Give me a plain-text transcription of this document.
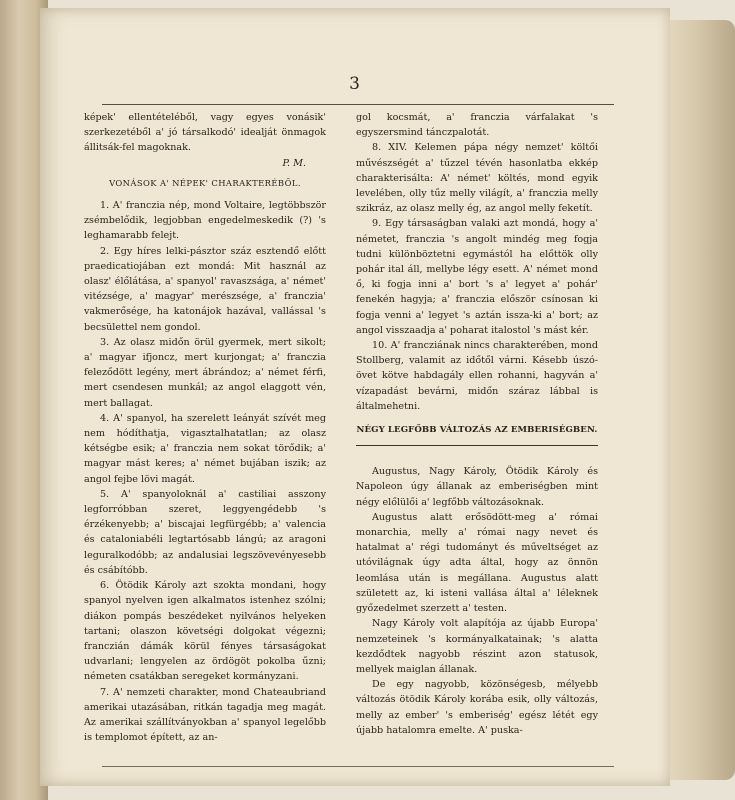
3

képek' ellentételéből, vagy egyes vonásik' szerkezetéből a' jó társalkodó' idealját önmagok állitsák-fel magoknak.

P. M.

VONÁSOK A' NÉPEK' CHARAKTERÉBŐL.

1. A' franczia nép, mond Voltaire, legtöbbször zsémbelődik, legjobban engedelmeskedik (?) 's leghamarabb felejt.

2. Egy híres lelki-pásztor száz esztendő előtt praedicatiojában ezt mondá: Mit használ az olasz' élőlátása, a' spanyol' ravaszsága, a' német' vitézsége, a' magyar' merészsége, a' franczia' vakmerősége, ha katonájok hazával, vallással 's becsülettel nem gondol.

3. Az olasz midőn örül gyermek, mert sikolt; a' magyar ifjoncz, mert kurjongat; a' franczia feleződött legény, mert ábrándoz; a' német férfi, mert csendesen munkál; az angol elaggott vén, mert ballagat.

4. A' spanyol, ha szerelett leányát szívét meg nem hódíthatja, vigasztalhatatlan; az olasz kétségbe esik; a' franczia nem sokat törődik; a' magyar mást keres; a' német bujában iszik; az angol fejbe lövi magát.

5. A' spanyoloknál a' castiliai asszony legforróbban szeret, leggyengédebb 's érzékenyebb; a' biscajai legfürgébb; a' valencia és cataloniabéli legtartósabb lángú; az aragoni leguralkodóbb; az andalusiai legszövevényesebb és csábítóbb.

6. Ötödik Károly azt szokta mondani, hogy spanyol nyelven igen alkalmatos istenhez szólni; diákon pompás beszédeket nyilvános helyeken tartani; olaszon követségi dolgokat végezni; franczián dámák körül fényes társaságokat udvarlani; lengyelen az ördögöt pokolba űzni; németen csatákban seregeket kormányzani.

7. A' nemzeti charakter, mond Chateaubriand amerikai utazásában, ritkán tagadja meg magát. Az amerikai szállítványokban a' spanyol legelőbb is templomot épített, az an-

gol kocsmát, a' franczia várfalakat 's egyszersmind tánczpalotát.

8. XIV. Kelemen pápa négy nemzet' költői művészségét a' tűzzel tévén hasonlatba ekkép charakterisálta: A' német' költés, mond egyik levelében, olly tűz melly világít, a' franczia melly szikráz, az olasz melly ég, az angol melly feketít.

9. Egy társaságban valaki azt mondá, hogy a' németet, franczia 's angolt mindég meg fogja tudni különböztetni egymástól ha előttök olly pohár ital áll, mellybe légy esett. A' német mond ő, ki fogja inni a' bort 's a' legyet a' pohár' fenekén hagyja; a' franczia először csínosan ki fogja venni a' legyet 's aztán issza-ki a' bort; az angol visszaadja a' poharat italostol 's mást kér.

10. A' francziának nincs charakterében, mond Stollberg, valamit az időtől várni. Késebb úszó-övet kötve habdagály ellen rohanni, hagyván a' vízapadást bevárni, midőn száraz lábbal is általmehetni.

NÉGY LEGFŐBB VÁLTOZÁS AZ EMBERISÉGBEN.

Augustus, Nagy Károly, Ötödik Károly és Napoleon úgy állanak az emberiségben mint négy előlülői a' legfőbb változásoknak.

Augustus alatt erősödött-meg a' római monarchia, melly a' római nagy nevet és hatalmat a' régi tudományt és műveltséget az utóvilágnak úgy adta által, hogy az önnön leomlása után is megállana. Augustus alatt született az, ki isteni vallása által a' léleknek győzedelmet szerzett a' testen.

Nagy Károly volt alapítója az újabb Europa' nemzeteinek 's kormányalkatainak; 's alatta kezdődtek nagyobb részint azon statusok, mellyek maiglan állanak.

De egy nagyobb, közönségesb, mélyebb változás ötödik Károly korába esik, olly változás, melly az ember' 's emberiség' egész létét egy újabb hatalomra emelte. A' puska-
